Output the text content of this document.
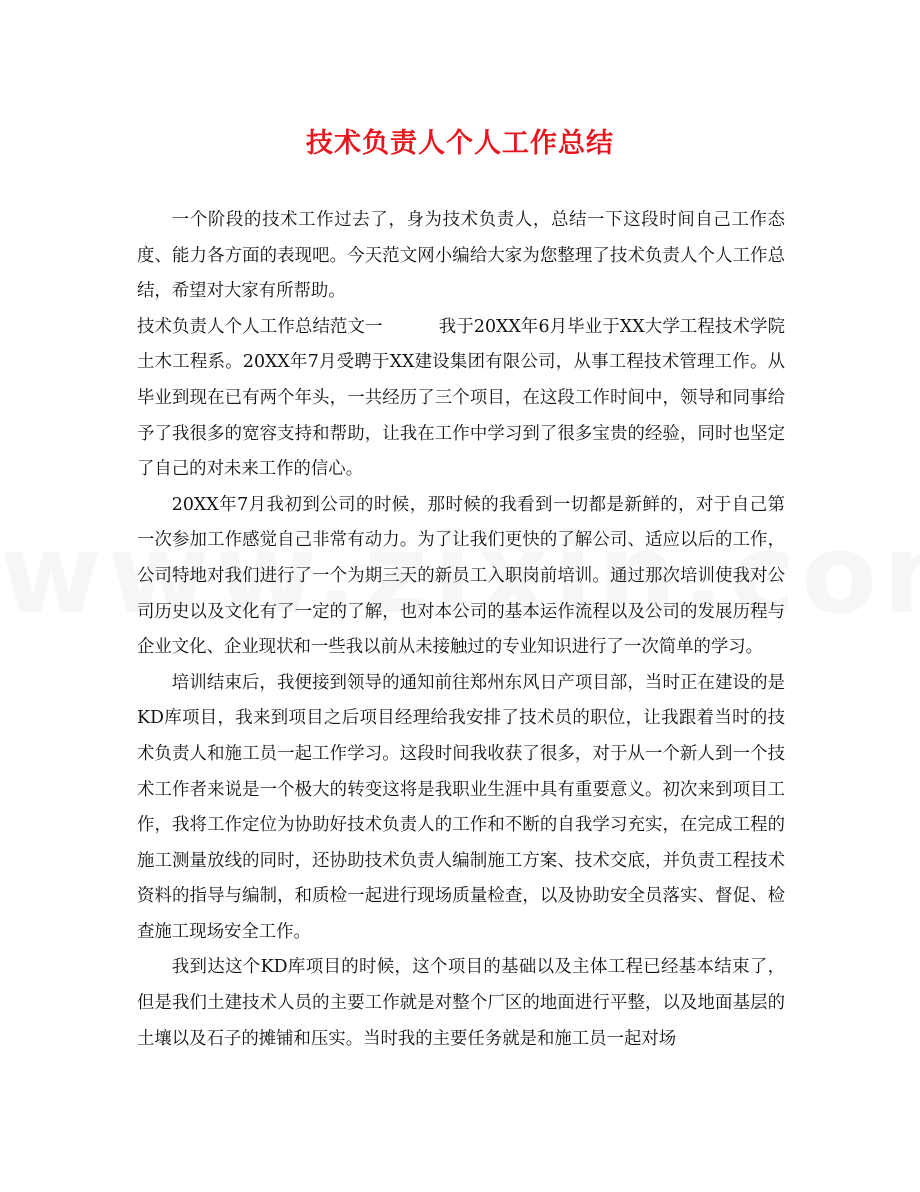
技术负责人个人工作总结

一个阶段的技术工作过去了，身为技术负责人，总结一下这段时间自己工作态度、能力各方面的表现吧。今天范文网小编给大家为您整理了技术负责人个人工作总结，希望对大家有所帮助。

技术负责人个人工作总结范文一	我于20XX年6月毕业于XX大学工程技术学院土木工程系。20XX年7月受聘于XX建设集团有限公司，从事工程技术管理工作。从毕业到现在已有两个年头，一共经历了三个项目，在这段工作时间中，领导和同事给予了我很多的宽容支持和帮助，让我在工作中学习到了很多宝贵的经验，同时也坚定了自己的对未来工作的信心。

20XX年7月我初到公司的时候，那时候的我看到一切都是新鲜的，对于自己第一次参加工作感觉自己非常有动力。为了让我们更快的了解公司、适应以后的工作，公司特地对我们进行了一个为期三天的新员工入职岗前培训。通过那次培训使我对公司历史以及文化有了一定的了解，也对本公司的基本运作流程以及公司的发展历程与企业文化、企业现状和一些我以前从未接触过的专业知识进行了一次简单的学习。

培训结束后，我便接到领导的通知前往郑州东风日产项目部，当时正在建设的是KD库项目，我来到项目之后项目经理给我安排了技术员的职位，让我跟着当时的技术负责人和施工员一起工作学习。这段时间我收获了很多，对于从一个新人到一个技术工作者来说是一个极大的转变这将是我职业生涯中具有重要意义。初次来到项目工作，我将工作定位为协助好技术负责人的工作和不断的自我学习充实，在完成工程的施工测量放线的同时，还协助技术负责人编制施工方案、技术交底，并负责工程技术资料的指导与编制，和质检一起进行现场质量检查，以及协助安全员落实、督促、检查施工现场安全工作。

我到达这个KD库项目的时候，这个项目的基础以及主体工程已经基本结束了，但是我们土建技术人员的主要工作就是对整个厂区的地面进行平整，以及地面基层的土壤以及石子的摊铺和压实。当时我的主要任务就是和施工员一起对场
